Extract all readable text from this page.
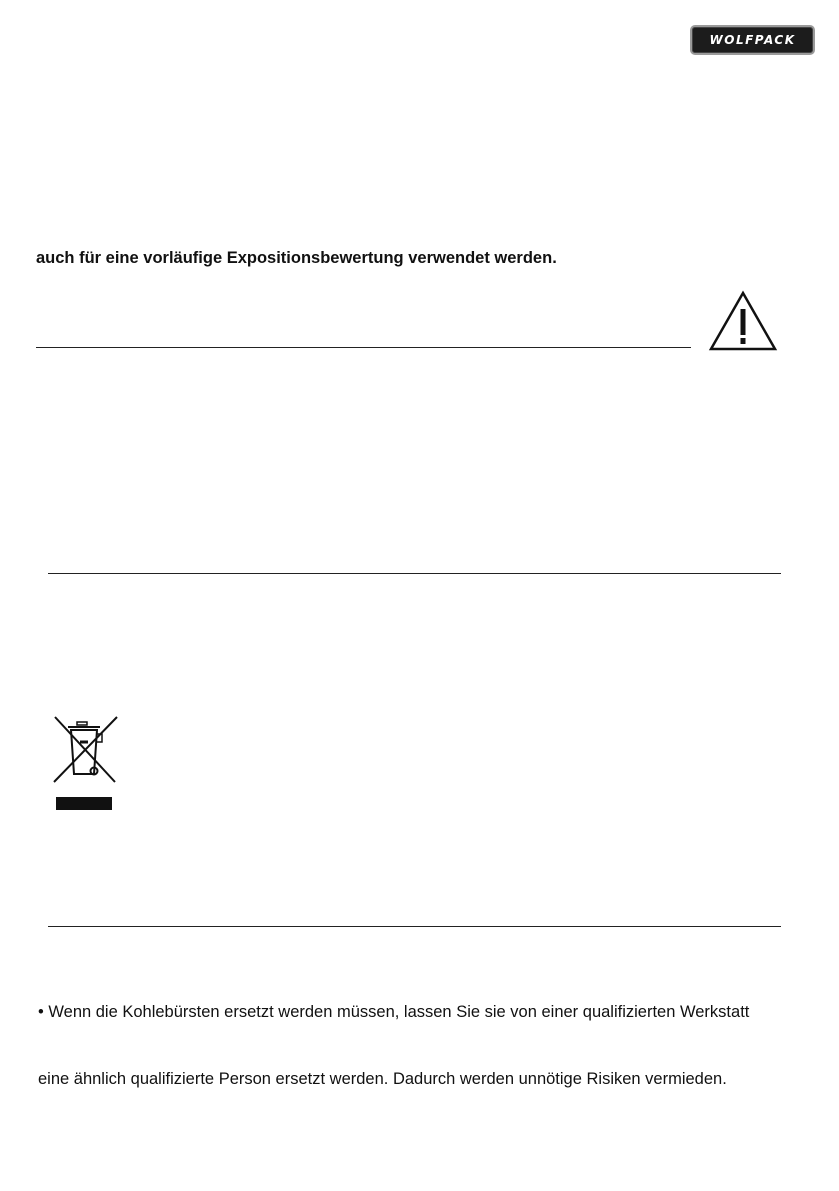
WOLFPACK
auch für eine vorläufige Expositionsbewertung verwendet werden.
• Wenn die Kohlebürsten ersetzt werden müssen, lassen Sie sie von einer qualifizierten Werkstatt
eine ähnlich qualifizierte Person ersetzt werden. Dadurch werden unnötige Risiken vermieden.
